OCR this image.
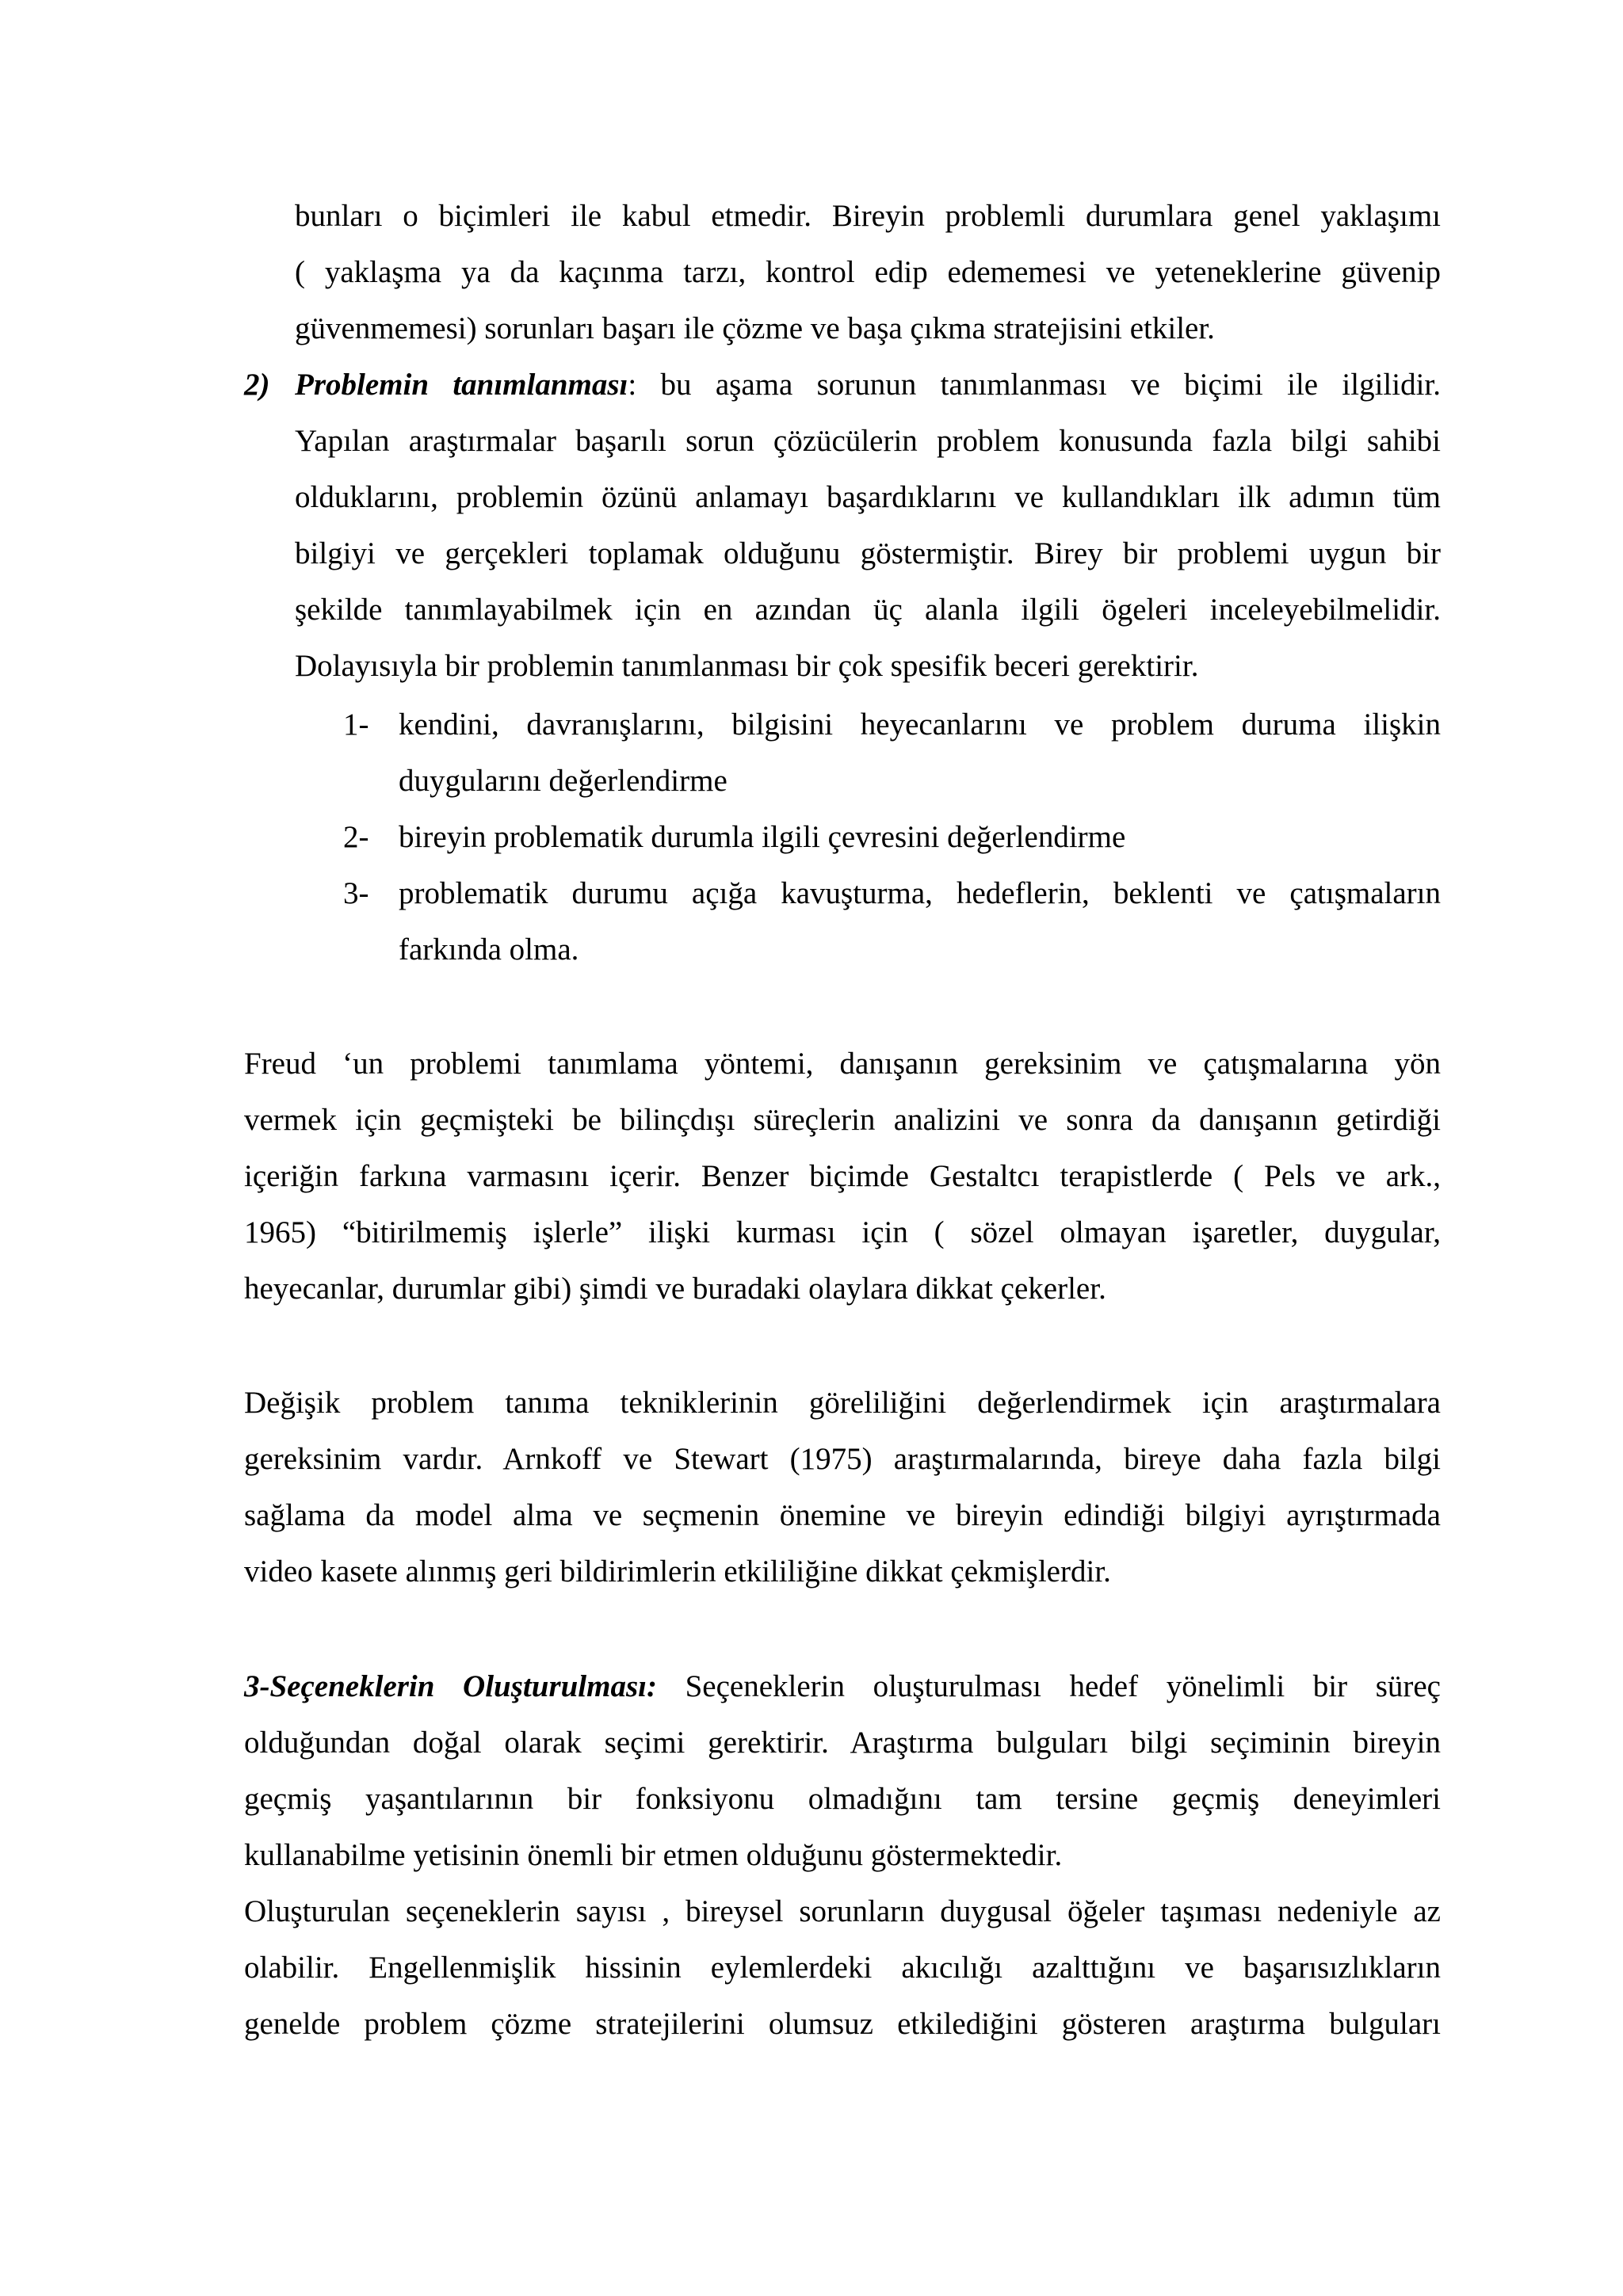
bunları o biçimleri ile kabul etmedir. Bireyin problemli durumlara genel yaklaşımı
( yaklaşma ya da kaçınma tarzı, kontrol edip edememesi ve yeteneklerine güvenip
güvenmemesi) sorunları başarı ile çözme ve başa çıkma stratejisini etkiler.
2) Problemin tanımlanması: bu aşama sorunun tanımlanması ve biçimi ile ilgilidir.
Yapılan araştırmalar başarılı sorun çözücülerin problem konusunda fazla bilgi sahibi
olduklarını, problemin özünü anlamayı başardıklarını ve kullandıkları ilk adımın tüm
bilgiyi ve gerçekleri toplamak olduğunu göstermiştir. Birey bir problemi uygun bir
şekilde tanımlayabilmek için en azından üç alanla ilgili ögeleri inceleyebilmelidir.
Dolayısıyla bir problemin tanımlanması bir çok spesifik beceri gerektirir.
1- kendini, davranışlarını, bilgisini heyecanlarını ve problem duruma ilişkin
duygularını değerlendirme
2- bireyin problematik durumla ilgili çevresini değerlendirme
3- problematik durumu açığa kavuşturma, hedeflerin, beklenti ve çatışmaların
farkında olma.
Freud ‘un problemi tanımlama yöntemi, danışanın gereksinim ve çatışmalarına yön
vermek için geçmişteki be bilinçdışı süreçlerin analizini ve sonra da danışanın getirdiği
içeriğin farkına varmasını içerir. Benzer biçimde Gestaltcı terapistlerde ( Pels ve ark.,
1965) “bitirilmemiş işlerle” ilişki kurması için ( sözel olmayan işaretler, duygular,
heyecanlar, durumlar gibi) şimdi ve buradaki olaylara dikkat çekerler.
Değişik problem tanıma tekniklerinin göreliliğini değerlendirmek için araştırmalara
gereksinim vardır. Arnkoff ve Stewart (1975) araştırmalarında, bireye daha fazla bilgi
sağlama da model alma ve seçmenin önemine ve bireyin edindiği bilgiyi ayrıştırmada
video kasete alınmış geri bildirimlerin etkililiğine dikkat çekmişlerdir.
3-Seçeneklerin Oluşturulması: Seçeneklerin oluşturulması hedef yönelimli bir süreç
olduğundan doğal olarak seçimi gerektirir. Araştırma bulguları bilgi seçiminin bireyin
geçmiş yaşantılarının bir fonksiyonu olmadığını tam tersine geçmiş deneyimleri
kullanabilme yetisinin önemli bir etmen olduğunu göstermektedir.
Oluşturulan seçeneklerin sayısı , bireysel sorunların duygusal öğeler taşıması nedeniyle az
olabilir. Engellenmişlik hissinin eylemlerdeki akıcılığı azalttığını ve başarısızlıkların
genelde problem çözme stratejilerini olumsuz etkilediğini gösteren araştırma bulguları
